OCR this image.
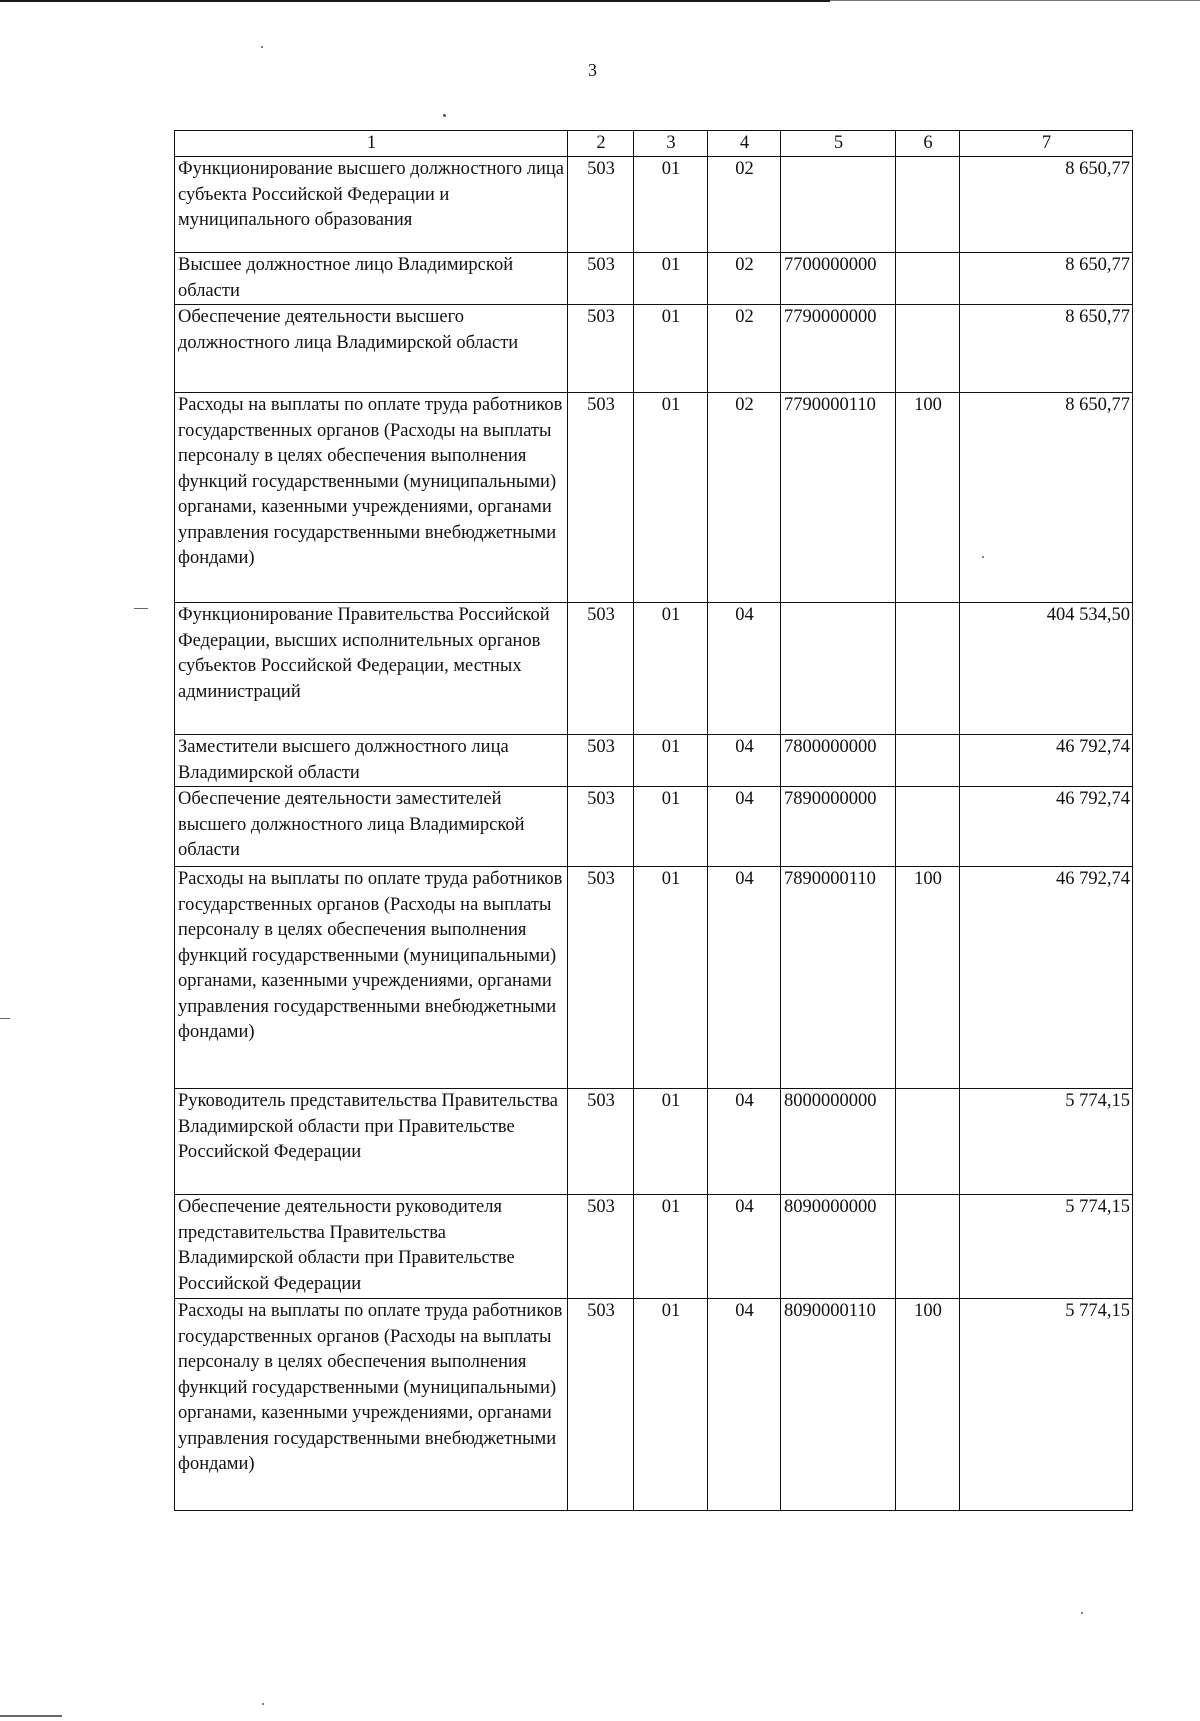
3
1	2	3	4	5	6	7
Функционирование высшего должностного лица субъекта Российской Федерации и муниципального образования	503	01	02			8 650,77
Высшее должностное лицо Владимирской области	503	01	02	7700000000		8 650,77
Обеспечение деятельности высшего должностного лица Владимирской области	503	01	02	7790000000		8 650,77
Расходы на выплаты по оплате труда работников государственных органов (Расходы на выплаты персоналу в целях обеспечения выполнения функций государственными (муниципальными) органами, казенными учреждениями, органами управления государственными внебюджетными фондами)	503	01	02	7790000110	100	8 650,77
Функционирование Правительства Российской Федерации, высших исполнительных органов субъектов Российской Федерации, местных администраций	503	01	04			404 534,50
Заместители высшего должностного лица Владимирской области	503	01	04	7800000000		46 792,74
Обеспечение деятельности заместителей высшего должностного лица Владимирской области	503	01	04	7890000000		46 792,74
Расходы на выплаты по оплате труда работников государственных органов (Расходы на выплаты персоналу в целях обеспечения выполнения функций государственными (муниципальными) органами, казенными учреждениями, органами управления государственными внебюджетными фондами)	503	01	04	7890000110	100	46 792,74
Руководитель представительства Правительства Владимирской области при Правительстве Российской Федерации	503	01	04	8000000000		5 774,15
Обеспечение деятельности руководителя представительства Правительства Владимирской области при Правительстве Российской Федерации	503	01	04	8090000000		5 774,15
Расходы на выплаты по оплате труда работников государственных органов (Расходы на выплаты персоналу в целях обеспечения выполнения функций государственными (муниципальными) органами, казенными учреждениями, органами управления государственными внебюджетными фондами)	503	01	04	8090000110	100	5 774,15
